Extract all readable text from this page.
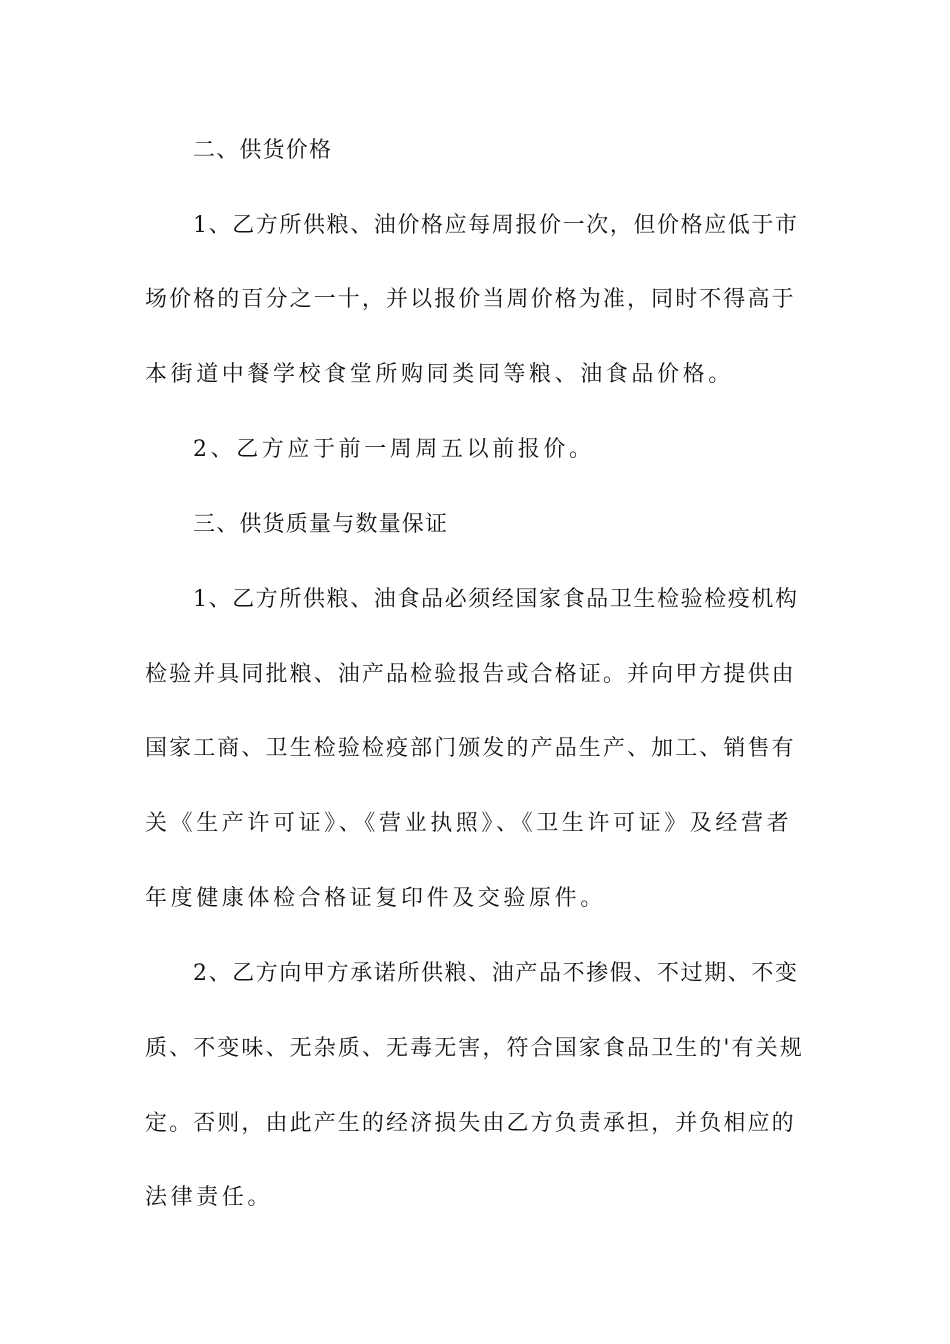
二、供货价格
1、乙方所供粮、油价格应每周报价一次，但价格应低于市
场价格的百分之一十，并以报价当周价格为准，同时不得高于
本街道中餐学校食堂所购同类同等粮、油食品价格。
2、乙方应于前一周周五以前报价。
三、供货质量与数量保证
1、乙方所供粮、油食品必须经国家食品卫生检验检疫机构
检验并具同批粮、油产品检验报告或合格证。并向甲方提供由
国家工商、卫生检验检疫部门颁发的产品生产、加工、销售有
关《生产许可证》、《营业执照》、《卫生许可证》及经营者
年度健康体检合格证复印件及交验原件。
2、乙方向甲方承诺所供粮、油产品不掺假、不过期、不变
质、不变味、无杂质、无毒无害，符合国家食品卫生的'有关规
定。否则，由此产生的经济损失由乙方负责承担，并负相应的
法律责任。
